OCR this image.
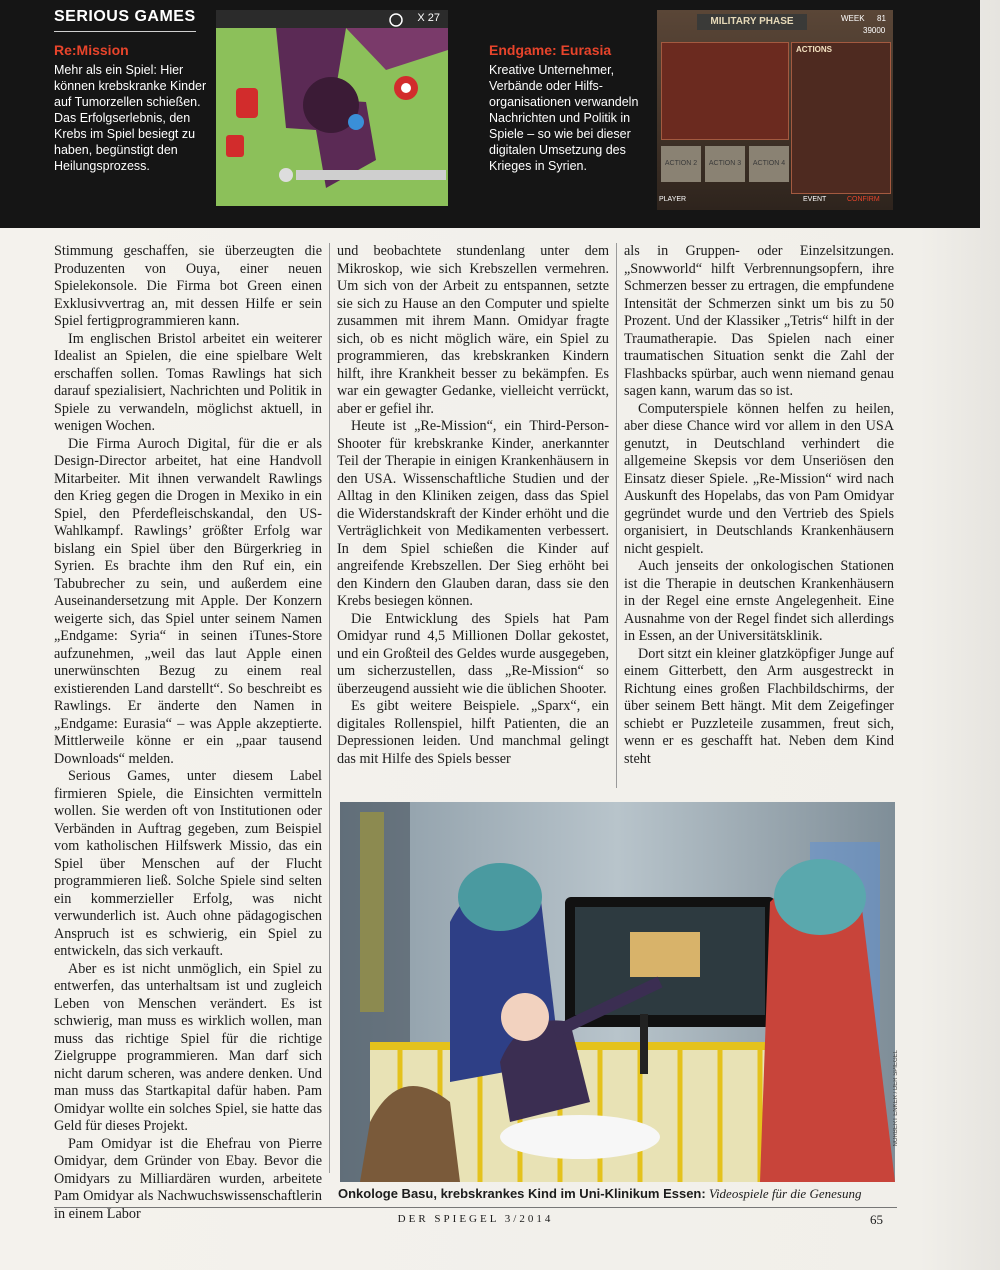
SERIOUS GAMES
Re:Mission
Mehr als ein Spiel: Hier können krebskranke Kinder auf Tumorzellen schießen. Das Erfolgserlebnis, den Krebs im Spiel besiegt zu haben, begünstigt den Heilungsprozess.
X 27
Endgame: Eurasia
Kreative Unternehmer, Verbände oder Hilfsorganisationen verwandeln Nachrichten und Politik in Spiele – so wie bei dieser digitalen Umsetzung des Krieges in Syrien.
MILITARY PHASE	WEEK 81
39000
ACTIONS
ACTION 2	ACTION 3	ACTION 4
PLAYER	EVENT	CONFIRM

Stimmung geschaffen, sie überzeugten die Produzenten von Ouya, einer neuen Spielekonsole. Die Firma bot Green einen Exklusivvertrag an, mit dessen Hilfe er sein Spiel fertigprogrammieren kann.

Im englischen Bristol arbeitet ein weiterer Idealist an Spielen, die eine spielbare Welt erschaffen sollen. Tomas Rawlings hat sich darauf spezialisiert, Nachrichten und Politik in Spiele zu verwandeln, möglichst aktuell, in wenigen Wochen.

Die Firma Auroch Digital, für die er als Design-Director arbeitet, hat eine Handvoll Mitarbeiter. Mit ihnen verwandelt Rawlings den Krieg gegen die Drogen in Mexiko in ein Spiel, den Pferdefleischskandal, den US-Wahlkampf. Rawlings’ größter Erfolg war bislang ein Spiel über den Bürgerkrieg in Syrien. Es brachte ihm den Ruf ein, ein Tabubrecher zu sein, und außerdem eine Auseinandersetzung mit Apple. Der Konzern weigerte sich, das Spiel unter seinem Namen „Endgame: Syria“ in seinen iTunes-Store aufzunehmen, „weil das laut Apple einen unerwünschten Bezug zu einem real existierenden Land darstellt“. So beschreibt es Rawlings. Er änderte den Namen in „Endgame: Eurasia“ – was Apple akzeptierte. Mittlerweile könne er ein „paar tausend Downloads“ melden.

Serious Games, unter diesem Label firmieren Spiele, die Einsichten vermitteln wollen. Sie werden oft von Institutionen oder Verbänden in Auftrag gegeben, zum Beispiel vom katholischen Hilfswerk Missio, das ein Spiel über Menschen auf der Flucht programmieren ließ. Solche Spiele sind selten ein kommerzieller Erfolg, was nicht verwunderlich ist. Auch ohne pädagogischen Anspruch ist es schwierig, ein Spiel zu entwickeln, das sich verkauft.

Aber es ist nicht unmöglich, ein Spiel zu entwerfen, das unterhaltsam ist und zugleich Leben von Menschen verändert. Es ist schwierig, man muss es wirklich wollen, man muss das richtige Spiel für die richtige Zielgruppe programmieren. Man darf sich nicht darum scheren, was andere denken. Und man muss das Startkapital dafür haben. Pam Omidyar wollte ein solches Spiel, sie hatte das Geld für dieses Projekt.

Pam Omidyar ist die Ehefrau von Pierre Omidyar, dem Gründer von Ebay. Bevor die Omidyars zu Milliardären wurden, arbeitete Pam Omidyar als Nachwuchswissenschaftlerin in einem Labor

und beobachtete stundenlang unter dem Mikroskop, wie sich Krebszellen vermehren. Um sich von der Arbeit zu entspannen, setzte sie sich zu Hause an den Computer und spielte zusammen mit ihrem Mann. Omidyar fragte sich, ob es nicht möglich wäre, ein Spiel zu programmieren, das krebskranken Kindern hilft, ihre Krankheit besser zu bekämpfen. Es war ein gewagter Gedanke, vielleicht verrückt, aber er gefiel ihr.

Heute ist „Re-Mission“, ein Third-Person-Shooter für krebskranke Kinder, anerkannter Teil der Therapie in einigen Krankenhäusern in den USA. Wissenschaftliche Studien und der Alltag in den Kliniken zeigen, dass das Spiel die Widerstandskraft der Kinder erhöht und die Verträglichkeit von Medikamenten verbessert. In dem Spiel schießen die Kinder auf angreifende Krebszellen. Der Sieg erhöht bei den Kindern den Glauben daran, dass sie den Krebs besiegen können.

Die Entwicklung des Spiels hat Pam Omidyar rund 4,5 Millionen Dollar gekostet, und ein Großteil des Geldes wurde ausgegeben, um sicherzustellen, dass „Re-Mission“ so überzeugend aussieht wie die üblichen Shooter.

Es gibt weitere Beispiele. „Sparx“, ein digitales Rollenspiel, hilft Patienten, die an Depressionen leiden. Und manchmal gelingt das mit Hilfe des Spiels besser

als in Gruppen- oder Einzelsitzungen. „Snowworld“ hilft Verbrennungsopfern, ihre Schmerzen besser zu ertragen, die empfundene Intensität der Schmerzen sinkt um bis zu 50 Prozent. Und der Klassiker „Tetris“ hilft in der Traumatherapie. Das Spielen nach einer traumatischen Situation senkt die Zahl der Flashbacks spürbar, auch wenn niemand genau sagen kann, warum das so ist.

Computerspiele können helfen zu heilen, aber diese Chance wird vor allem in den USA genutzt, in Deutschland verhindert die allgemeine Skepsis vor dem Unseriösen den Einsatz dieser Spiele. „Re-Mission“ wird nach Auskunft des Hopelabs, das von Pam Omidyar gegründet wurde und den Vertrieb des Spiels organisiert, in Deutschlands Krankenhäusern nicht gespielt.

Auch jenseits der onkologischen Stationen ist die Therapie in deutschen Krankenhäusern in der Regel eine ernste Angelegenheit. Eine Ausnahme von der Regel findet sich allerdings in Essen, an der Universitätsklinik.

Dort sitzt ein kleiner glatzköpfiger Junge auf einem Gitterbett, den Arm ausgestreckt in Richtung eines großen Flachbildschirms, der über seinem Bett hängt. Mit dem Zeigefinger schiebt er Puzzleteile zusammen, freut sich, wenn er es geschafft hat. Neben dem Kind steht

NORBERT ENKER / DER SPIEGEL
Onkologe Basu, krebskrankes Kind im Uni-Klinikum Essen: Videospiele für die Genesung
DER SPIEGEL 3/2014	65
